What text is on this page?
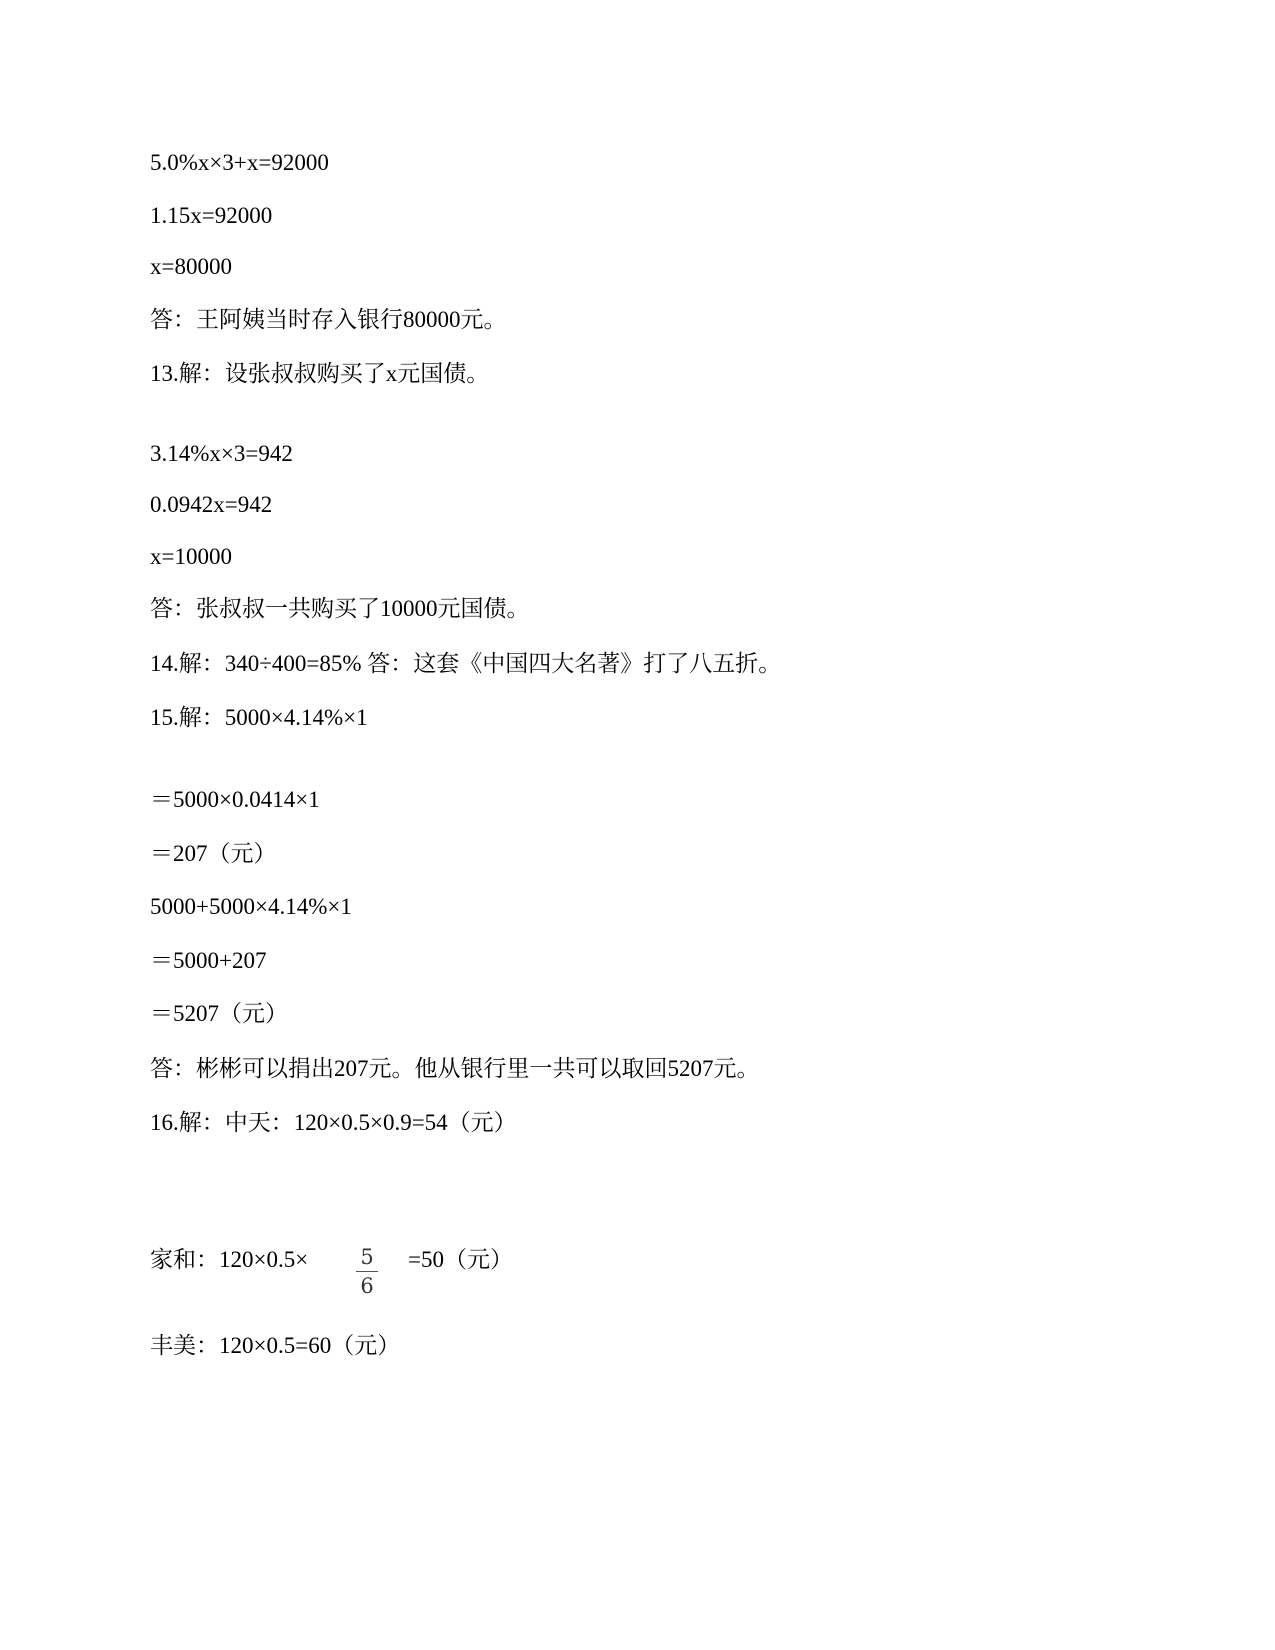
5.0%x×3+x=92000
1.15x=92000
x=80000
答：王阿姨当时存入银行80000元。
13.解：设张叔叔购买了x元国债。
3.14%x×3=942
0.0942x=942
x=10000
答：张叔叔一共购买了10000元国债。
14.解：340÷400=85% 答：这套《中国四大名著》打了八五折。
15.解：5000×4.14%×1
＝5000×0.0414×1
＝207（元）
5000+5000×4.14%×1
＝5000+207
＝5207（元）
答：彬彬可以捐出207元。他从银行里一共可以取回5207元。
16.解：中天：120×0.5×0.9=54（元）
家和：120×0.5×	5
6
=50（元）
丰美：120×0.5=60（元）
